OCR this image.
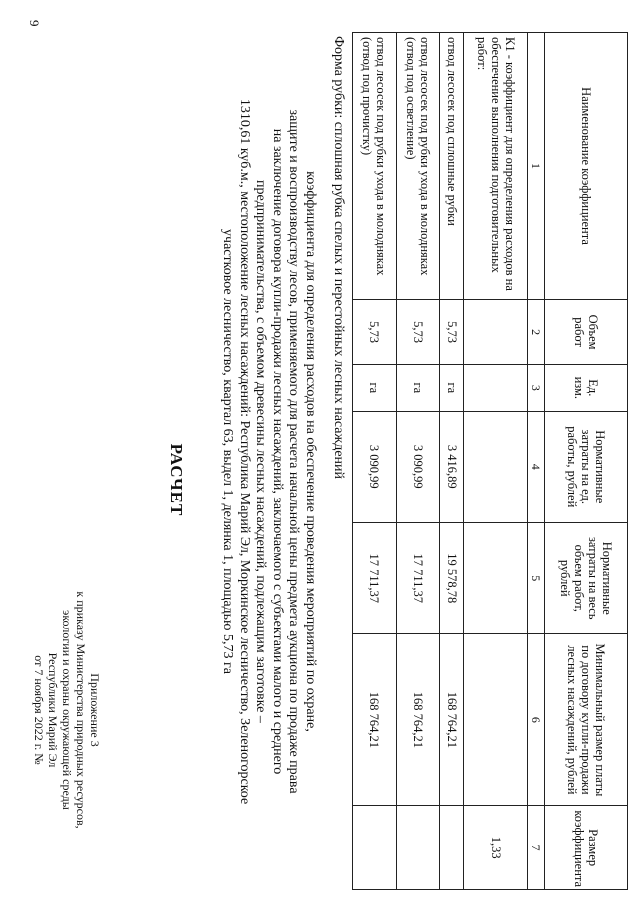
9
Приложение 3
к приказу Министерства природных ресурсов,
экологии и охраны окружающей среды
Республики Марий Эл
от 7 ноября 2022 г. №
РАСЧЕТ	коэффициента для определения расходов на обеспечение проведения мероприятий по охране,
защите и воспроизводству лесов, применяемого для расчета начальной цены предмета аукциона по продаже права
на заключение договора купли-продажи лесных насаждений, заключаемого с субъектами малого и среднего
предпринимательства, с объемом древесины лесных насаждений, подлежащим заготовке –
1310,61 куб.м., местоположение лесных насаждений: Республика Марий Эл, Моркинское лесничество, Зеленогорское
участковое лесничество, квартал 63, выдел 1, делянка 1, площадью 5,73 га	Форма рубки: сплошная рубка спелых и перестойных лесных насаждений	Наименование коэффициента	Объем работ	Ед. изм.	Нормативные затраты на ед. работы, рублей	Нормативные затраты на весь объем работ, рублей	Минимальный размер платы по договору купли-продажи лесных насаждений, рублей	Размер коэффициента
1	2	3	4	5	6	7
К1 - коэффициент для определения расходов на обеспечение выполнения подготовительных работ:						1,33
отвод лесосек под сплошные рубки	5,73	га	3 416,89	19 578,78	168 764,21	
отвод лесосек под рубки ухода в молодняках (отвод под осветление)	5,73	га	3 090,99	17 711,37	168 764,21	
отвод лесосек под рубки ухода в молодняках (отвод под прочистку)	5,73	га	3 090,99	17 711,37	168 764,21	
